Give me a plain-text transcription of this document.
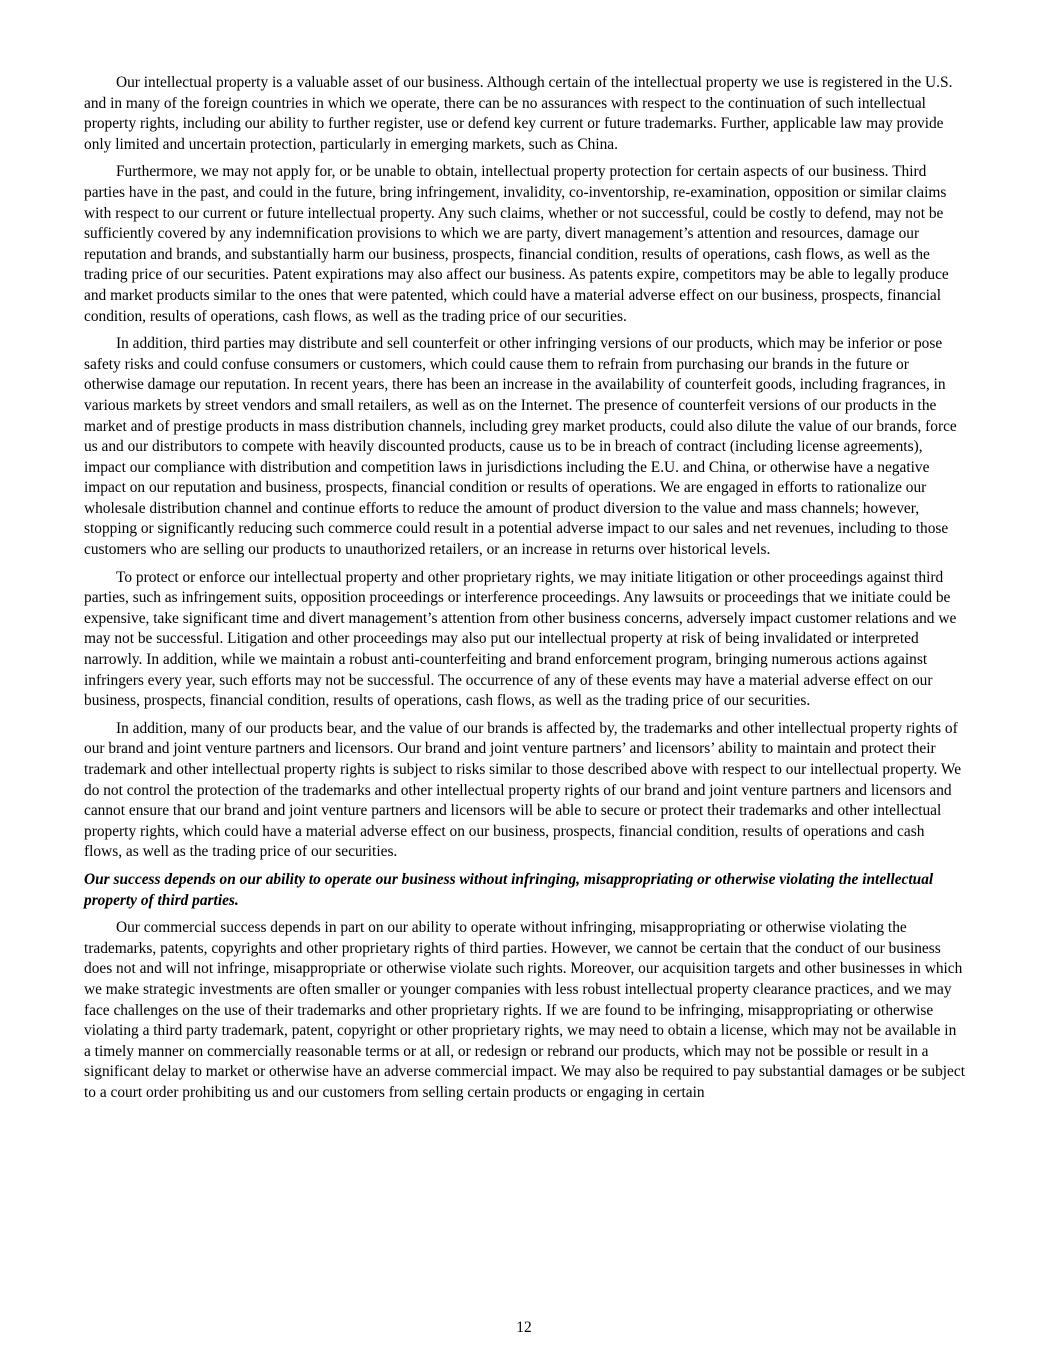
Our intellectual property is a valuable asset of our business. Although certain of the intellectual property we use is registered in the U.S. and in many of the foreign countries in which we operate, there can be no assurances with respect to the continuation of such intellectual property rights, including our ability to further register, use or defend key current or future trademarks. Further, applicable law may provide only limited and uncertain protection, particularly in emerging markets, such as China.

Furthermore, we may not apply for, or be unable to obtain, intellectual property protection for certain aspects of our business. Third parties have in the past, and could in the future, bring infringement, invalidity, co-inventorship, re-examination, opposition or similar claims with respect to our current or future intellectual property. Any such claims, whether or not successful, could be costly to defend, may not be sufficiently covered by any indemnification provisions to which we are party, divert management’s attention and resources, damage our reputation and brands, and substantially harm our business, prospects, financial condition, results of operations, cash flows, as well as the trading price of our securities. Patent expirations may also affect our business. As patents expire, competitors may be able to legally produce and market products similar to the ones that were patented, which could have a material adverse effect on our business, prospects, financial condition, results of operations, cash flows, as well as the trading price of our securities.

In addition, third parties may distribute and sell counterfeit or other infringing versions of our products, which may be inferior or pose safety risks and could confuse consumers or customers, which could cause them to refrain from purchasing our brands in the future or otherwise damage our reputation. In recent years, there has been an increase in the availability of counterfeit goods, including fragrances, in various markets by street vendors and small retailers, as well as on the Internet. The presence of counterfeit versions of our products in the market and of prestige products in mass distribution channels, including grey market products, could also dilute the value of our brands, force us and our distributors to compete with heavily discounted products, cause us to be in breach of contract (including license agreements), impact our compliance with distribution and competition laws in jurisdictions including the E.U. and China, or otherwise have a negative impact on our reputation and business, prospects, financial condition or results of operations. We are engaged in efforts to rationalize our wholesale distribution channel and continue efforts to reduce the amount of product diversion to the value and mass channels; however, stopping or significantly reducing such commerce could result in a potential adverse impact to our sales and net revenues, including to those customers who are selling our products to unauthorized retailers, or an increase in returns over historical levels.

To protect or enforce our intellectual property and other proprietary rights, we may initiate litigation or other proceedings against third parties, such as infringement suits, opposition proceedings or interference proceedings. Any lawsuits or proceedings that we initiate could be expensive, take significant time and divert management’s attention from other business concerns, adversely impact customer relations and we may not be successful. Litigation and other proceedings may also put our intellectual property at risk of being invalidated or interpreted narrowly. In addition, while we maintain a robust anti-counterfeiting and brand enforcement program, bringing numerous actions against infringers every year, such efforts may not be successful. The occurrence of any of these events may have a material adverse effect on our business, prospects, financial condition, results of operations, cash flows, as well as the trading price of our securities.

In addition, many of our products bear, and the value of our brands is affected by, the trademarks and other intellectual property rights of our brand and joint venture partners and licensors. Our brand and joint venture partners’ and licensors’ ability to maintain and protect their trademark and other intellectual property rights is subject to risks similar to those described above with respect to our intellectual property. We do not control the protection of the trademarks and other intellectual property rights of our brand and joint venture partners and licensors and cannot ensure that our brand and joint venture partners and licensors will be able to secure or protect their trademarks and other intellectual property rights, which could have a material adverse effect on our business, prospects, financial condition, results of operations and cash flows, as well as the trading price of our securities.

Our success depends on our ability to operate our business without infringing, misappropriating or otherwise violating the intellectual property of third parties.

Our commercial success depends in part on our ability to operate without infringing, misappropriating or otherwise violating the trademarks, patents, copyrights and other proprietary rights of third parties. However, we cannot be certain that the conduct of our business does not and will not infringe, misappropriate or otherwise violate such rights. Moreover, our acquisition targets and other businesses in which we make strategic investments are often smaller or younger companies with less robust intellectual property clearance practices, and we may face challenges on the use of their trademarks and other proprietary rights. If we are found to be infringing, misappropriating or otherwise violating a third party trademark, patent, copyright or other proprietary rights, we may need to obtain a license, which may not be available in a timely manner on commercially reasonable terms or at all, or redesign or rebrand our products, which may not be possible or result in a significant delay to market or otherwise have an adverse commercial impact. We may also be required to pay substantial damages or be subject to a court order prohibiting us and our customers from selling certain products or engaging in certain

12
